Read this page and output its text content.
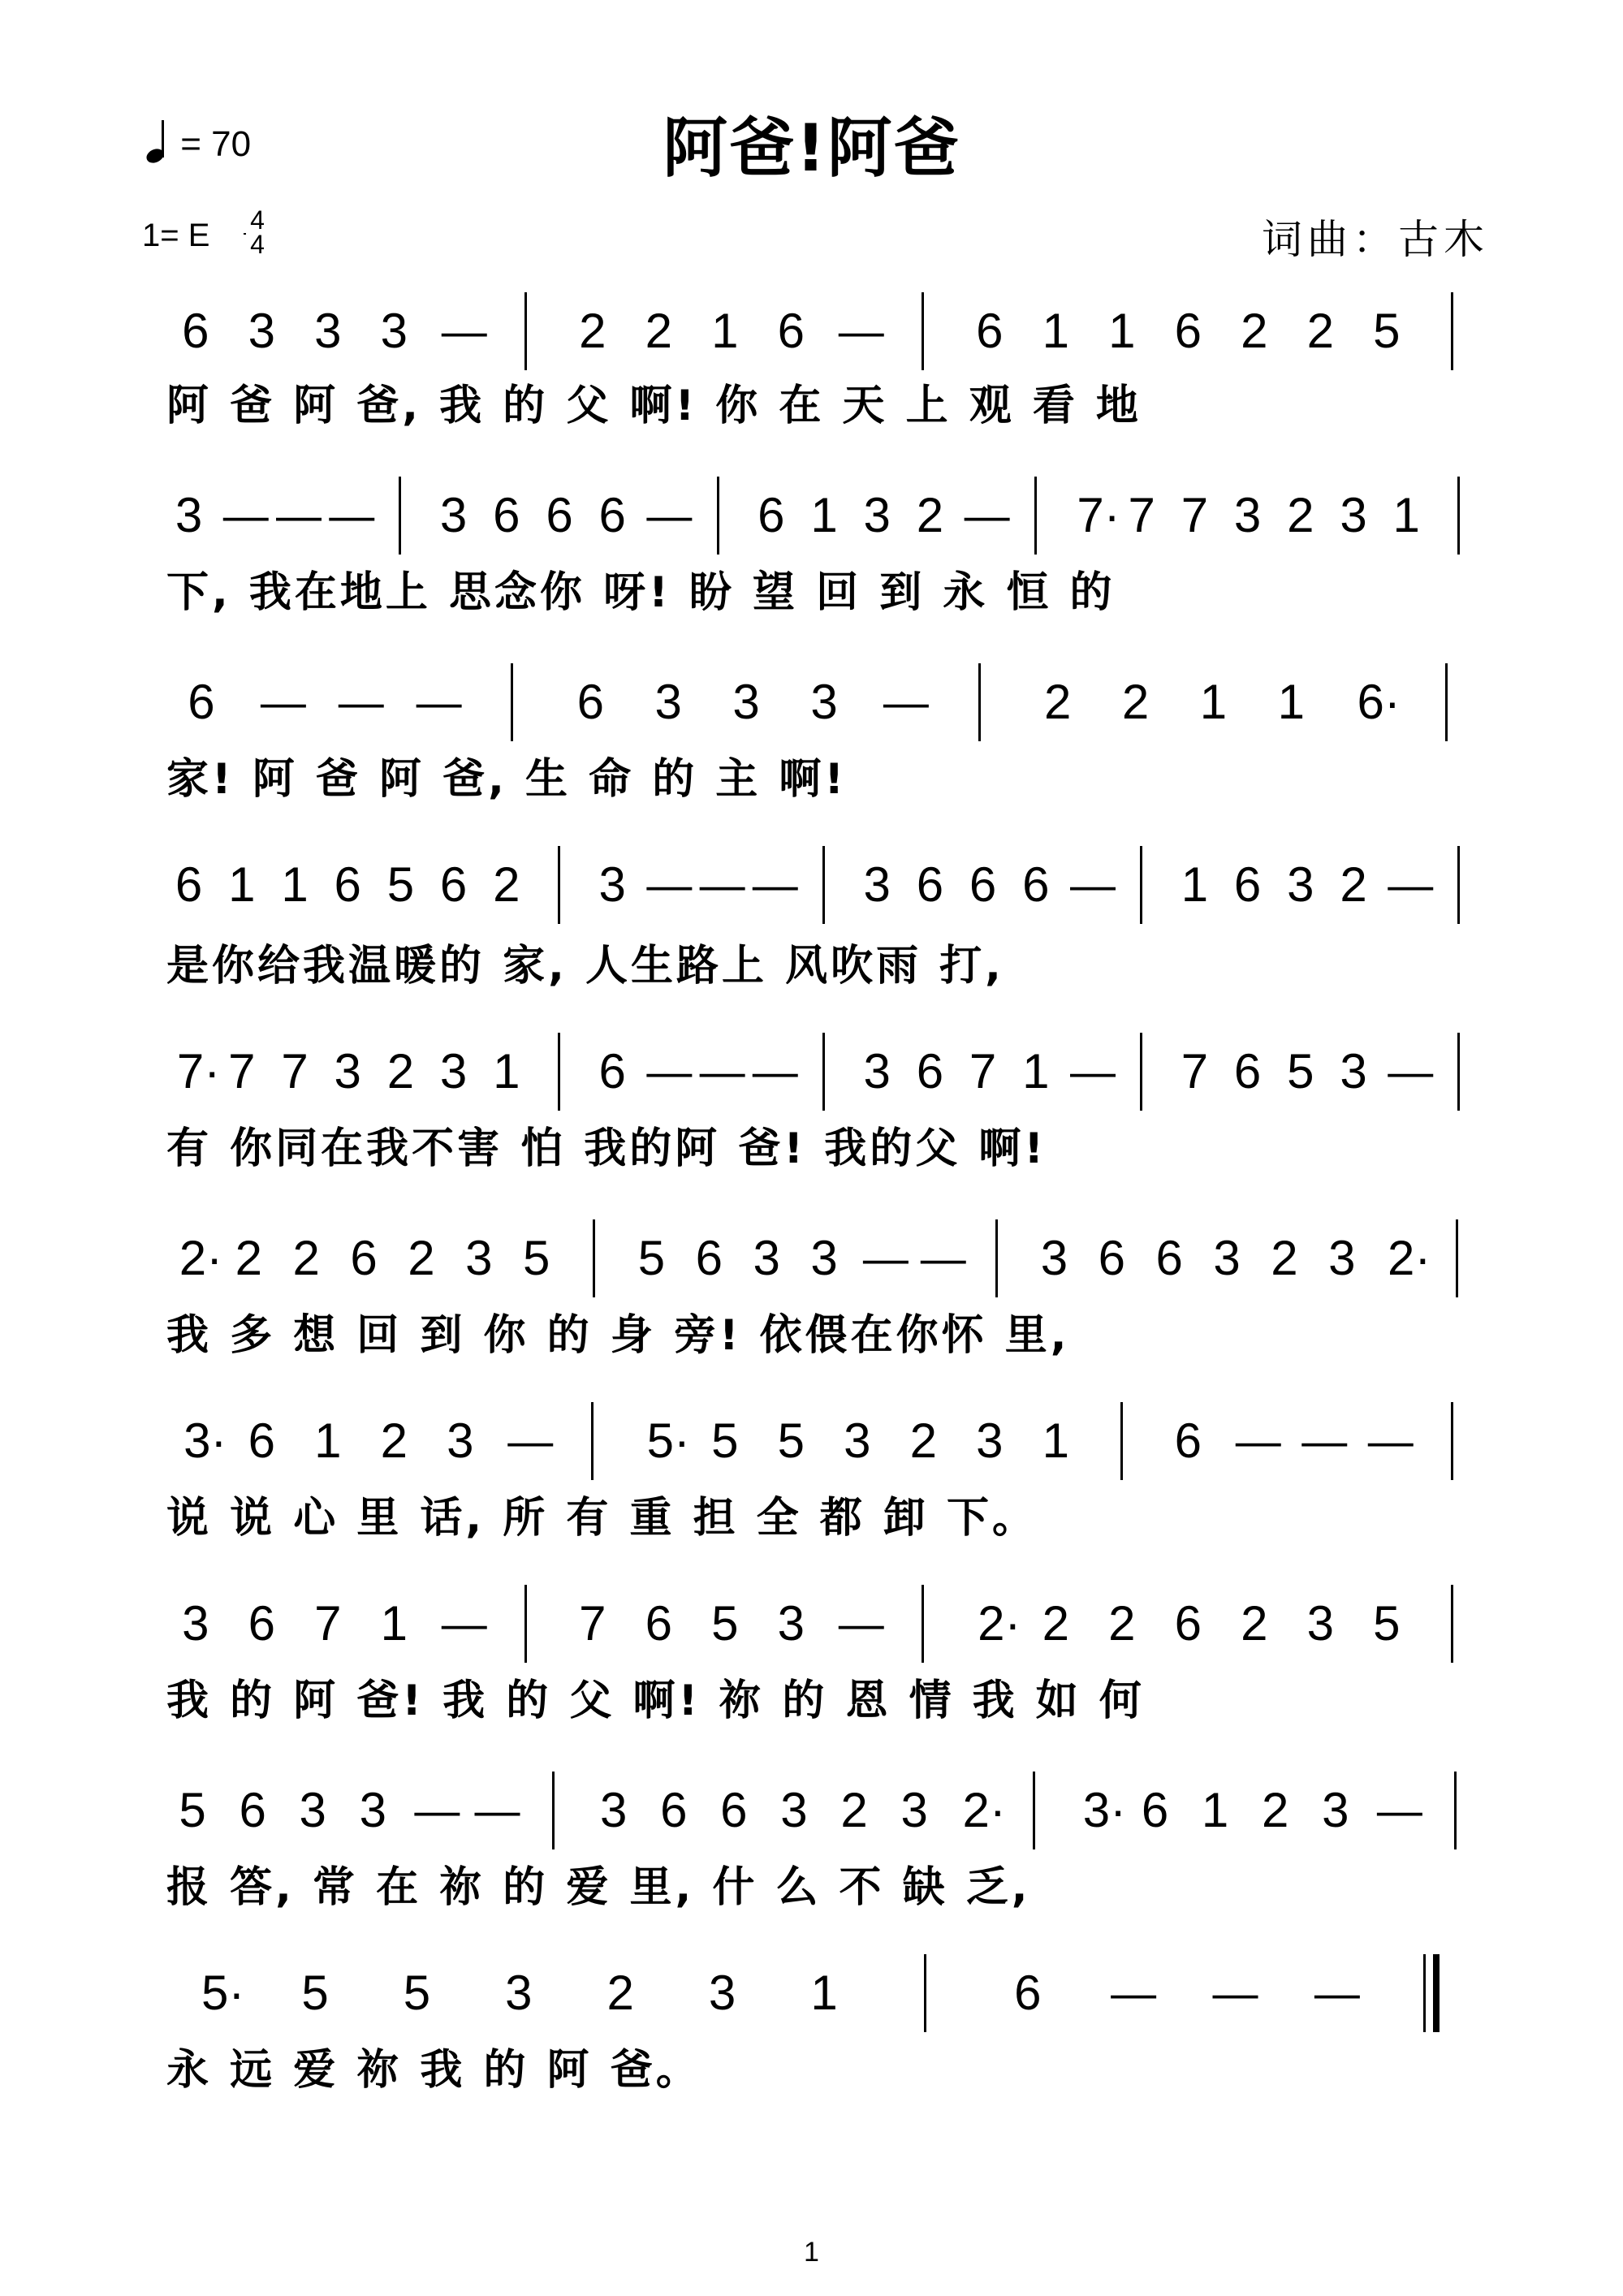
阿爸!阿爸
= 70
1= E 4
4	词曲：古木
6 3 3 3 — 2 2 1 6 — 6 1 1 6 2 2 5
3 — — — 3 6 6 6 — 6 1 3 2 — 7· 7 7 3 2 3 1
6 — — — 6 3 3 3 — 2 2 1 1 6·
6 1 1 6 5 6 2 3 — — — 3 6 6 6 — 1 6 3 2 —
7· 7 7 3 2 3 1 6 — — — 3 6 7 1 — 7 6 5 3 —
2· 2 2 6 2 3 5 5 6 3 3 — — 3 6 6 3 2 3 2·
3· 6 1 2 3 — 5· 5 5 3 2 3 1 6 — — —
3 6 7 1 — 7 6 5 3 — 2· 2 2 6 2 3 5
5 6 3 3 — — 3 6 6 3 2 3 2· 3· 6 1 2 3 —
5· 5 5 3 2 3 1	6 — — —
阿 爸 阿 爸, 我 的 父 啊! 你 在 天 上 观 看 地
下, 我在地上 思念你 呀! 盼 望 回 到 永 恒 的
家! 阿 爸 阿 爸, 生 命 的 主 啊!
是你给我温暖的 家, 人生路上 风吹雨 打,
有 你同在我不害 怕 我的阿 爸! 我的父 啊!
我 多 想 回 到 你 的 身 旁! 依偎在你怀 里,
说 说 心 里 话, 所 有 重 担 全 都 卸 下。
我 的 阿 爸! 我 的 父 啊! 祢 的 恩 情 我 如 何
报 答, 常 在 祢 的 爱 里, 什 么 不 缺 乏,
永 远 爱 祢 我 的 阿 爸。
1
